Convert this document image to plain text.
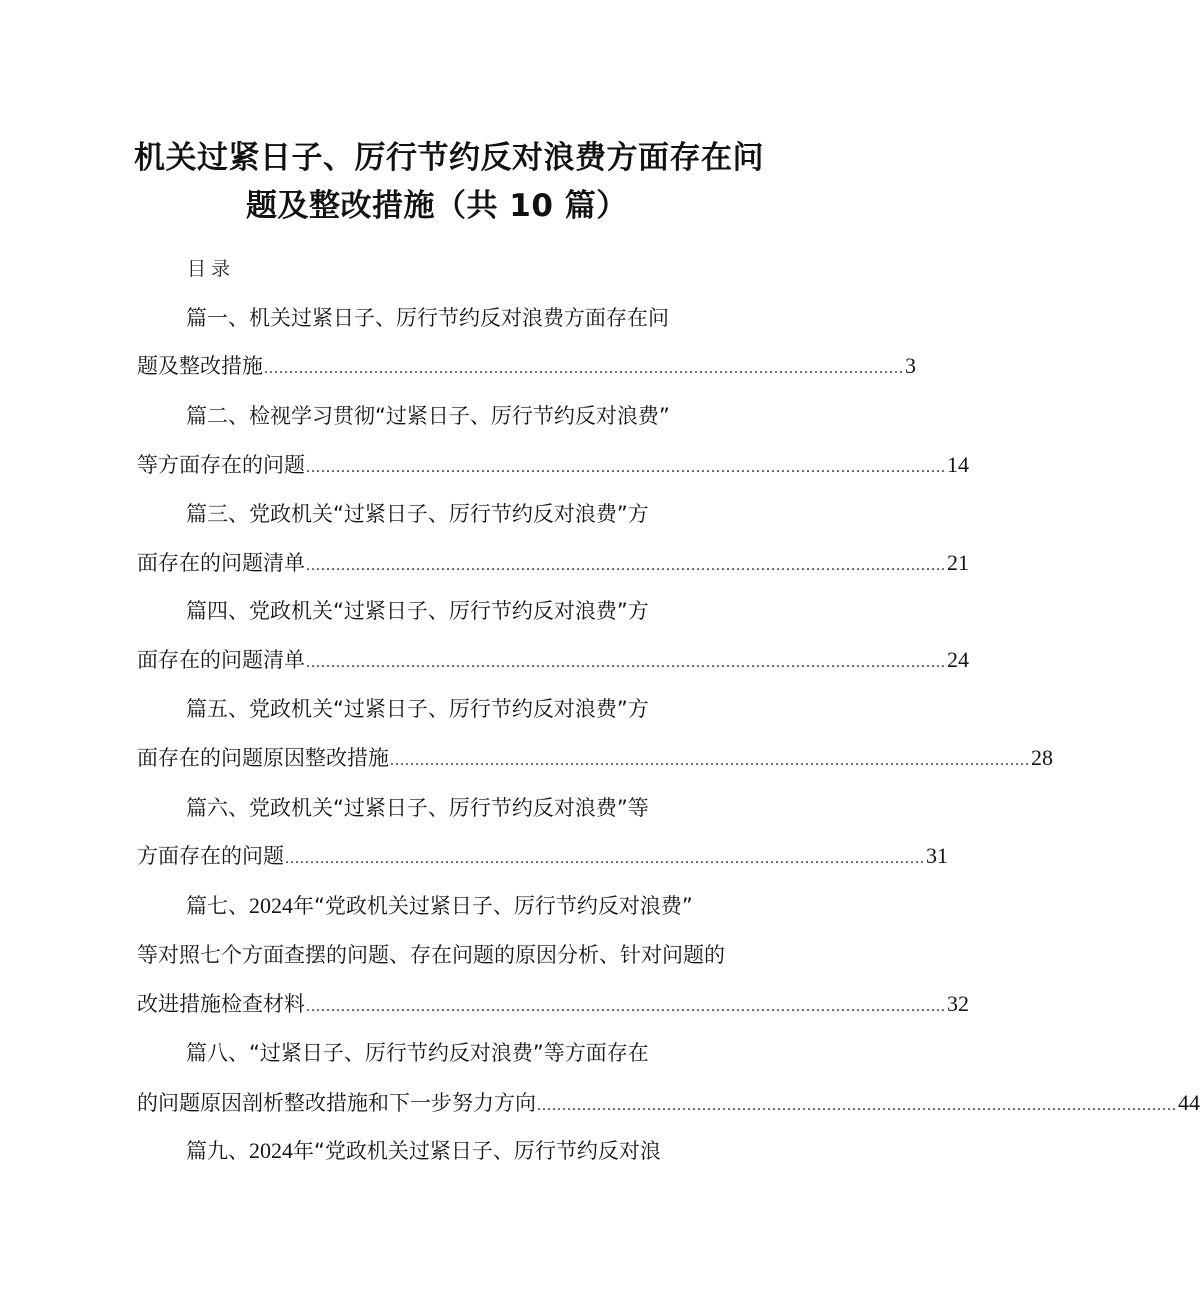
机关过紧日子、厉行节约反对浪费方面存在问
题及整改措施（共 10 篇）
目录
篇一、机关过紧日子、厉行节约反对浪费方面存在问
题及整改措施 ................................................................................................................................ 3
篇二、检视学习贯彻“过紧日子、厉行节约反对浪费”
等方面存在的问题 ................................................................................................................................ 14
篇三、党政机关“过紧日子、厉行节约反对浪费”方
面存在的问题清单 ................................................................................................................................ 21
篇四、党政机关“过紧日子、厉行节约反对浪费”方
面存在的问题清单 ................................................................................................................................ 24
篇五、党政机关“过紧日子、厉行节约反对浪费”方
面存在的问题原因整改措施 ................................................................................................................................ 28
篇六、党政机关“过紧日子、厉行节约反对浪费”等
方面存在的问题 ................................................................................................................................ 31
篇七、2024年“党政机关过紧日子、厉行节约反对浪费”
等对照七个方面查摆的问题、存在问题的原因分析、针对问题的
改进措施检查材料 ................................................................................................................................ 32
篇八、“过紧日子、厉行节约反对浪费”等方面存在
的问题原因剖析整改措施和下一步努力方向 ................................................................................................................................ 44
篇九、2024年“党政机关过紧日子、厉行节约反对浪
